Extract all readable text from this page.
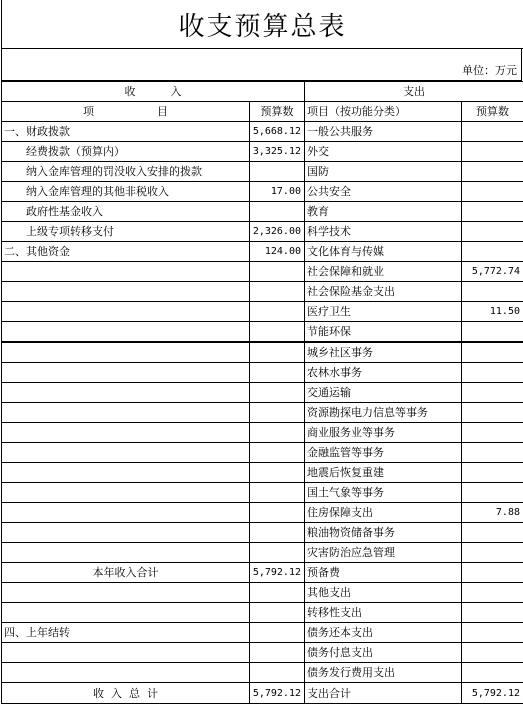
收支预算总表
单位：万元
收          入		支出	
项                  目	预算数	项目（按功能分类）	预算数
一、财政拨款	5,668.12	一般公共服务	
经费拨款（预算内）	3,325.12	外交	
纳入金库管理的罚没收入安排的拨款		国防	
纳入金库管理的其他非税收入	17.00	公共安全	
政府性基金收入		教育	
上级专项转移支付	2,326.00	科学技术	
二、其他资金	124.00	文化体育与传媒	
		社会保障和就业	5,772.74
		社会保险基金支出	
		医疗卫生	11.50
		节能环保	
		城乡社区事务	
		农林水事务	
		交通运输	
		资源勘探电力信息等事务	
		商业服务业等事务	
		金融监管等事务	
		地震后恢复重建	
		国土气象等事务	
		住房保障支出	7.88
		粮油物资储备事务	
		灾害防治应急管理	
本年收入合计	5,792.12	预备费	
		其他支出	
		转移性支出	
四、上年结转		债务还本支出	
		债务付息支出	
		债务发行费用支出	
收  入  总  计	5,792.12	支出合计	5,792.12
